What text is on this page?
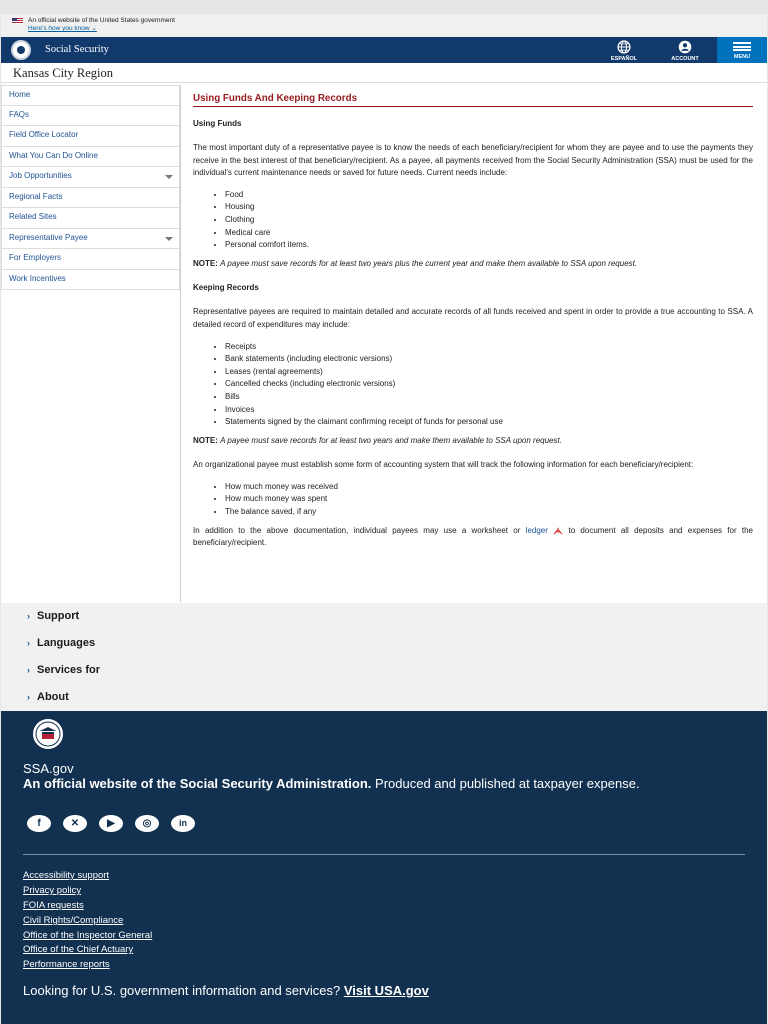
An official website of the United States government
Here's how you know ⌄
Social Security
ESPAÑOL	ACCOUNT	MENU
Kansas City Region
Home
FAQs
Field Office Locator
What You Can Do Online
Job Opportunities
Regional Facts
Related Sites
Representative Payee
For Employers
Work Incentives
Using Funds And Keeping Records
Using Funds

The most important duty of a representative payee is to know the needs of each beneficiary/recipient for whom they are payee and to use the payments they receive in the best interest of that beneficiary/recipient. As a payee, all payments received from the Social Security Administration (SSA) must be used for the individual's current maintenance needs or saved for future needs. Current needs include:

• Food
• Housing
• Clothing
• Medical care
• Personal comfort items.

NOTE: A payee must save records for at least two years plus the current year and make them available to SSA upon request.

Keeping Records

Representative payees are required to maintain detailed and accurate records of all funds received and spent in order to provide a true accounting to SSA. A detailed record of expenditures may include:

• Receipts
• Bank statements (including electronic versions)
• Leases (rental agreements)
• Cancelled checks (including electronic versions)
• Bills
• Invoices
• Statements signed by the claimant confirming receipt of funds for personal use

NOTE: A payee must save records for at least two years and make them available to SSA upon request.

An organizational payee must establish some form of accounting system that will track the following information for each beneficiary/recipient:

• How much money was received
• How much money was spent
• The balance saved, if any

In addition to the above documentation, individual payees may use a worksheet or ledger	to document all deposits and expenses for the beneficiary/recipient.

› Support
› Languages
› Services for
› About
SSA.gov
An official website of the Social Security Administration. Produced and published at taxpayer expense.
f	✕	▶	◎	in
Accessibility support
Privacy policy
FOIA requests
Civil Rights/Compliance
Office of the Inspector General
Office of the Chief Actuary
Performance reports
Looking for U.S. government information and services? Visit USA.gov
